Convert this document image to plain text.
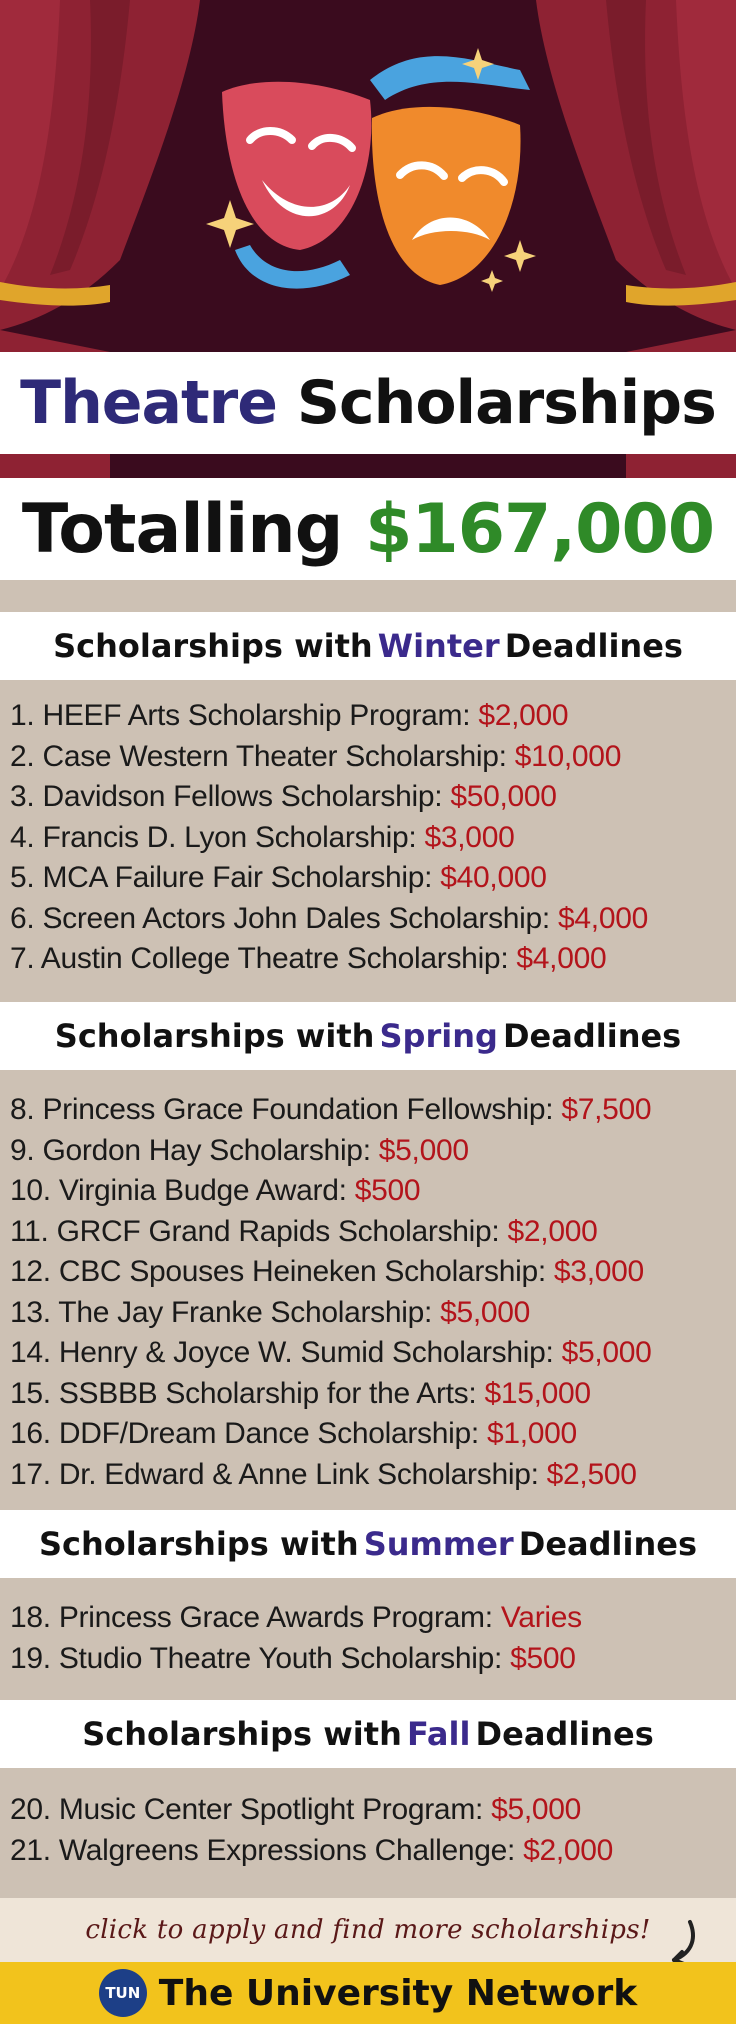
Theatre Scholarships
Totalling $167,000
Scholarships with
Winter
Deadlines
1. HEEF Arts Scholarship Program: $2,000
2. Case Western Theater Scholarship: $10,000
3. Davidson Fellows Scholarship: $50,000
4. Francis D. Lyon Scholarship: $3,000
5. MCA Failure Fair Scholarship: $40,000
6. Screen Actors John Dales Scholarship: $4,000
7. Austin College Theatre Scholarship: $4,000
Scholarships with
Spring
Deadlines
8. Princess Grace Foundation Fellowship: $7,500
9. Gordon Hay Scholarship: $5,000
10. Virginia Budge Award: $500
11. GRCF Grand Rapids Scholarship: $2,000
12. CBC Spouses Heineken Scholarship: $3,000
13. The Jay Franke Scholarship: $5,000
14. Henry & Joyce W. Sumid Scholarship: $5,000
15. SSBBB Scholarship for the Arts: $15,000
16. DDF/Dream Dance Scholarship: $1,000
17. Dr. Edward & Anne Link Scholarship: $2,500
Scholarships with
Summer
Deadlines
18. Princess Grace Awards Program: Varies
19. Studio Theatre Youth Scholarship: $500
Scholarships with
Fall
Deadlines
20. Music Center Spotlight Program: $5,000
21. Walgreens Expressions Challenge: $2,000
click to apply and find more scholarships!
TUN The University Network
